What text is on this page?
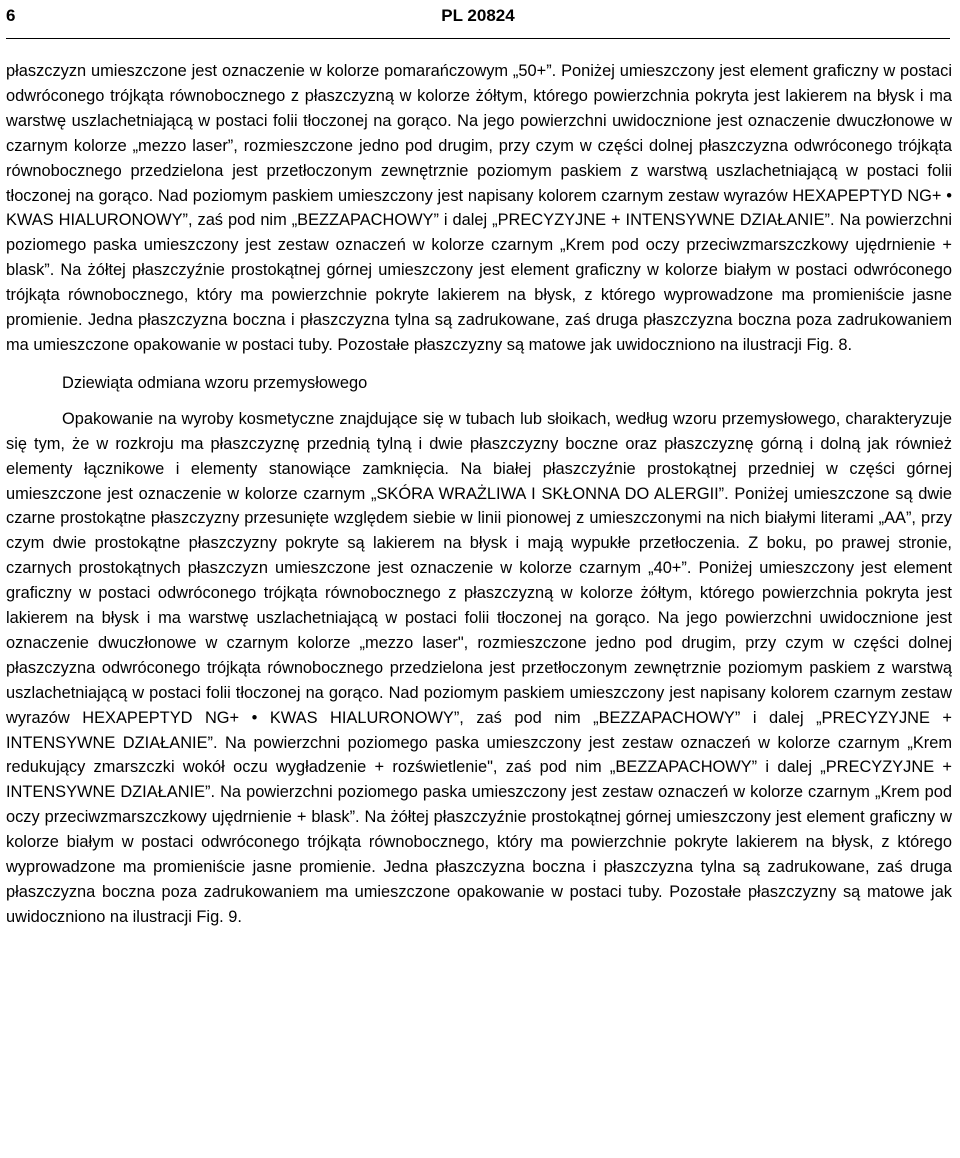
6	PL 20824

płaszczyzn umieszczone jest oznaczenie w kolorze pomarańczowym „50+”. Poniżej umieszczony jest element graficzny w postaci odwróconego trójkąta równobocznego z płaszczyzną w kolorze żółtym, którego powierzchnia pokryta jest lakierem na błysk i ma warstwę uszlachetniającą w postaci folii tłoczonej na gorąco. Na jego powierzchni uwidocznione jest oznaczenie dwuczłonowe w czarnym kolorze „mezzo laser”, rozmieszczone jedno pod drugim, przy czym w części dolnej płaszczyzna odwróconego trójkąta równobocznego przedzielona jest przetłoczonym zewnętrznie poziomym paskiem z warstwą uszlachetniającą w postaci folii tłoczonej na gorąco. Nad poziomym paskiem umieszczony jest napisany kolorem czarnym zestaw wyrazów HEXAPEPTYD NG+ • KWAS HIALURONOWY”, zaś pod nim „BEZZAPACHOWY” i dalej „PRECYZYJNE + INTENSYWNE DZIAŁANIE”. Na powierzchni poziomego paska umieszczony jest zestaw oznaczeń w kolorze czarnym „Krem pod oczy przeciwzmarszczkowy ujędrnienie + blask”. Na żółtej płaszczyźnie prostokątnej górnej umieszczony jest element graficzny w kolorze białym w postaci odwróconego trójkąta równobocznego, który ma powierzchnie pokryte lakierem na błysk, z którego wyprowadzone ma promieniście jasne promienie. Jedna płaszczyzna boczna i płaszczyzna tylna są zadrukowane, zaś druga płaszczyzna boczna poza zadrukowaniem ma umieszczone opakowanie w postaci tuby. Pozostałe płaszczyzny są matowe jak uwidoczniono na ilustracji Fig. 8.

Dziewiąta odmiana wzoru przemysłowego

Opakowanie na wyroby kosmetyczne znajdujące się w tubach lub słoikach, według wzoru przemysłowego, charakteryzuje się tym, że w rozkroju ma płaszczyznę przednią tylną i dwie płaszczyzny boczne oraz płaszczyznę górną i dolną jak również elementy łącznikowe i elementy stanowiące zamknięcia. Na białej płaszczyźnie prostokątnej przedniej w części górnej umieszczone jest oznaczenie w kolorze czarnym „SKÓRA WRAŻLIWA I SKŁONNA DO ALERGII”. Poniżej umieszczone są dwie czarne prostokątne płaszczyzny przesunięte względem siebie w linii pionowej z umieszczonymi na nich białymi literami „AA”, przy czym dwie prostokątne płaszczyzny pokryte są lakierem na błysk i mają wypukłe przetłoczenia. Z boku, po prawej stronie, czarnych prostokątnych płaszczyzn umieszczone jest oznaczenie w kolorze czarnym „40+”. Poniżej umieszczony jest element graficzny w postaci odwróconego trójkąta równobocznego z płaszczyzną w kolorze żółtym, którego powierzchnia pokryta jest lakierem na błysk i ma warstwę uszlachetniającą w postaci folii tłoczonej na gorąco. Na jego powierzchni uwidocznione jest oznaczenie dwuczłonowe w czarnym kolorze „mezzo laser", rozmieszczone jedno pod drugim, przy czym w części dolnej płaszczyzna odwróconego trójkąta równobocznego przedzielona jest przetłoczonym zewnętrznie poziomym paskiem z warstwą uszlachetniającą w postaci folii tłoczonej na gorąco. Nad poziomym paskiem umieszczony jest napisany kolorem czarnym zestaw wyrazów HEXAPEPTYD NG+ • KWAS HIALURONOWY”, zaś pod nim „BEZZAPACHOWY” i dalej „PRECYZYJNE + INTENSYWNE DZIAŁANIE”. Na powierzchni poziomego paska umieszczony jest zestaw oznaczeń w kolorze czarnym „Krem redukujący zmarszczki wokół oczu wygładzenie + rozświetlenie", zaś pod nim „BEZZAPACHOWY” i dalej „PRECYZYJNE + INTENSYWNE DZIAŁANIE”. Na powierzchni poziomego paska umieszczony jest zestaw oznaczeń w kolorze czarnym „Krem pod oczy przeciwzmarszczkowy ujędrnienie + blask”. Na żółtej płaszczyźnie prostokątnej górnej umieszczony jest element graficzny w kolorze białym w postaci odwróconego trójkąta równobocznego, który ma powierzchnie pokryte lakierem na błysk, z którego wyprowadzone ma promieniście jasne promienie. Jedna płaszczyzna boczna i płaszczyzna tylna są zadrukowane, zaś druga płaszczyzna boczna poza zadrukowaniem ma umieszczone opakowanie w postaci tuby. Pozostałe płaszczyzny są matowe jak uwidoczniono na ilustracji Fig. 9.
